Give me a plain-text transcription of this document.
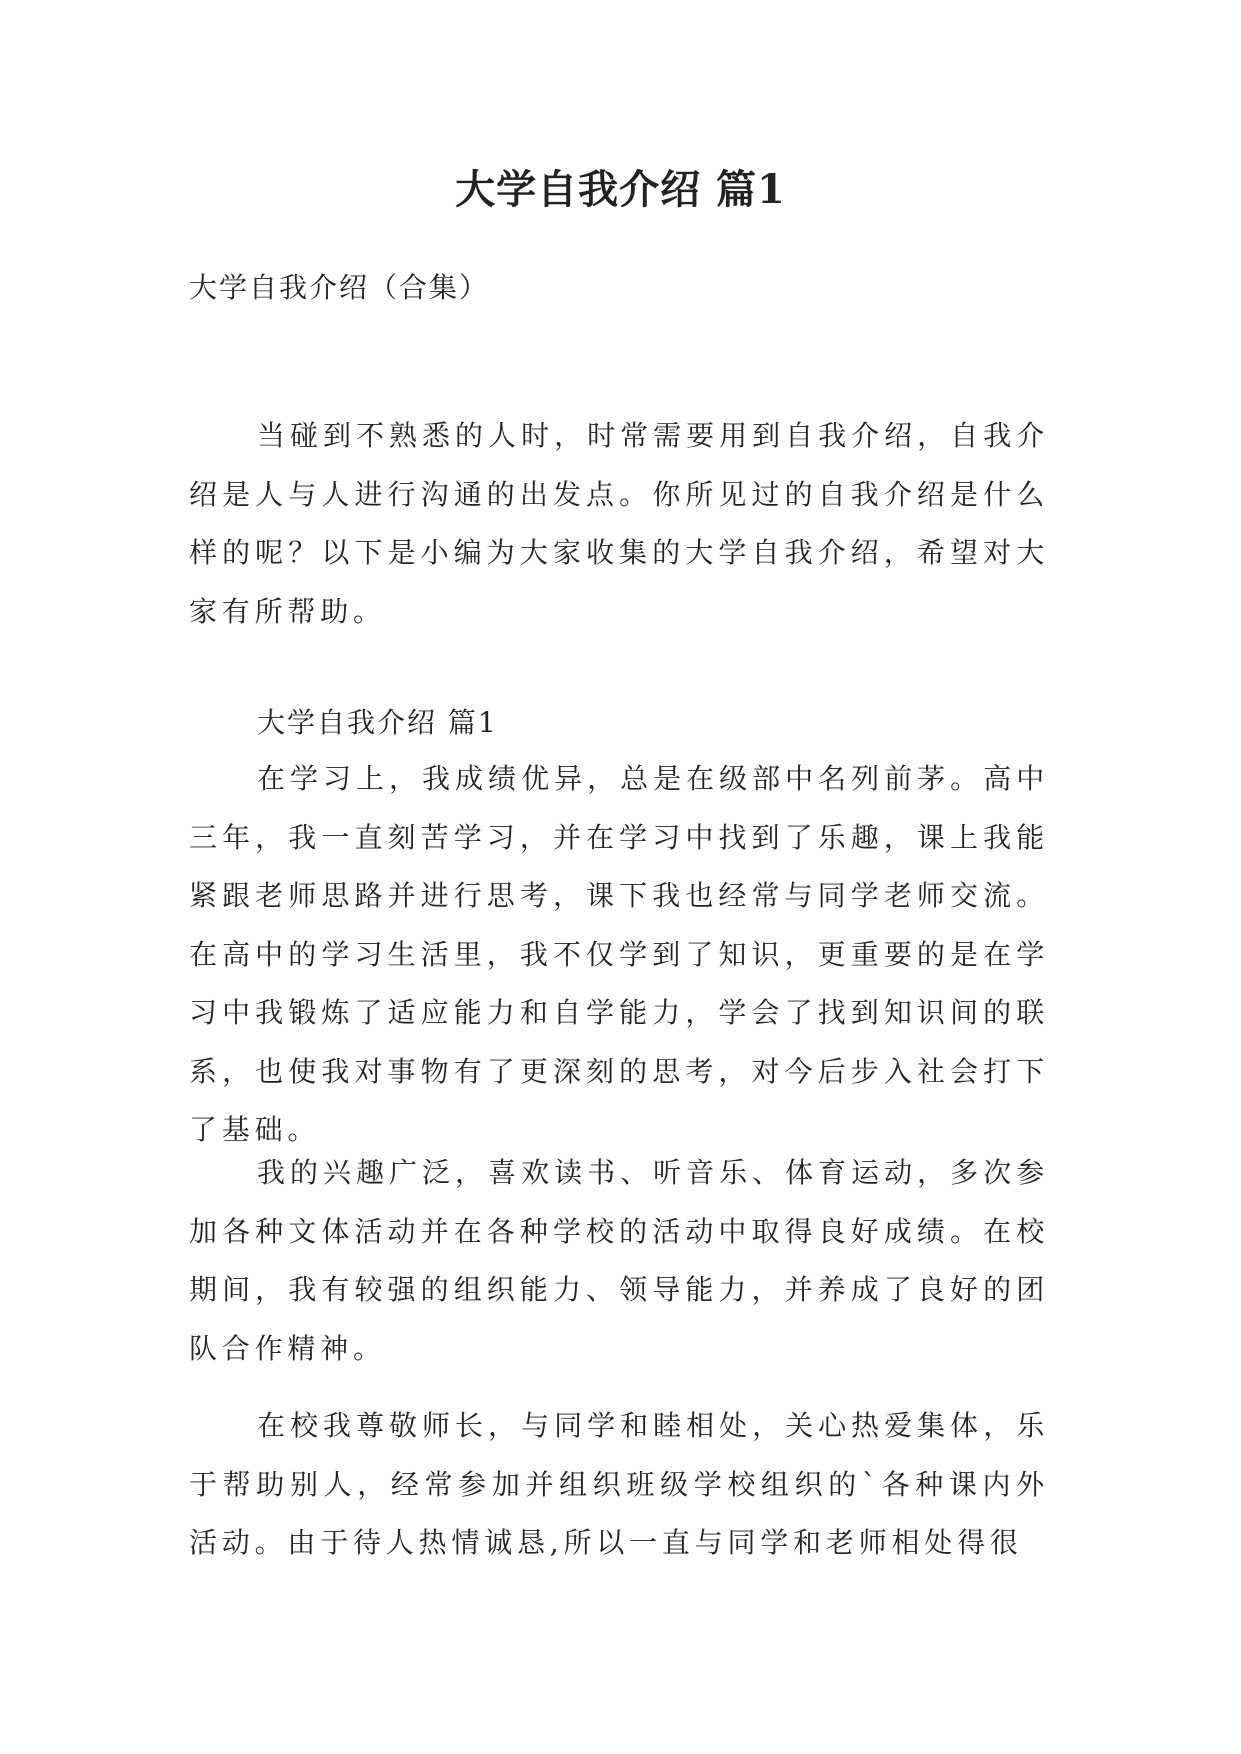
大学自我介绍 篇1
大学自我介绍（合集）

当碰到不熟悉的人时，时常需要用到自我介绍，自我介绍是人与人进行沟通的出发点。你所见过的自我介绍是什么样的呢？以下是小编为大家收集的大学自我介绍，希望对大家有所帮助。

大学自我介绍 篇1

在学习上，我成绩优异，总是在级部中名列前茅。高中三年，我一直刻苦学习，并在学习中找到了乐趣，课上我能紧跟老师思路并进行思考，课下我也经常与同学老师交流。在高中的学习生活里，我不仅学到了知识，更重要的是在学习中我锻炼了适应能力和自学能力，学会了找到知识间的联系，也使我对事物有了更深刻的思考，对今后步入社会打下了基础。

我的兴趣广泛，喜欢读书、听音乐、体育运动，多次参加各种文体活动并在各种学校的活动中取得良好成绩。在校期间，我有较强的组织能力、领导能力，并养成了良好的团队合作精神。

在校我尊敬师长，与同学和睦相处，关心热爱集体，乐于帮助别人，经常参加并组织班级学校组织的`各种课内外活动。由于待人热情诚恳,所以一直与同学和老师相处得很
